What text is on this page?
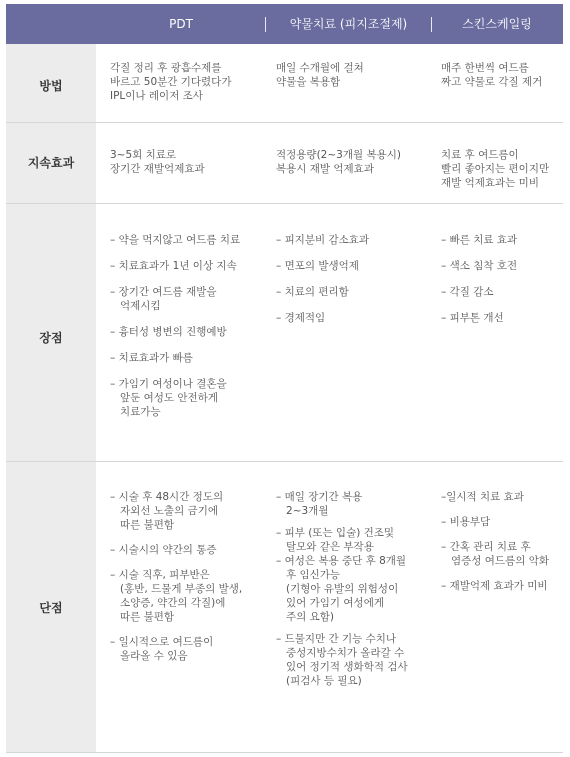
PDT	약물치료 (피지조절제)	스킨스케일링
방법
각질 정리 후 광흡수제를
바르고 50분간 기다렸다가
IPL이나 레이저 조사
매일 수개월에 걸쳐
약물을 복용함
매주 한번씩 여드름
짜고 약물로 각질 제거
지속효과
3~5회 치료로
장기간 재발억제효과
적정용량(2~3개월 복용시)
복용시 재발 억제효과
치료 후 여드름이
빨리 좋아지는 편이지만
재발 억제효과는 미비
장점
– 약을 먹지않고 여드름 치료
– 치료효과가 1년 이상 지속
– 장기간 여드름 재발을
억제시킴
– 흉터성 병변의 진행예방
– 치료효과가 빠름
– 가임기 여성이나 결혼을
앞둔 여성도 안전하게
치료가능
– 피지분비 감소효과
– 면포의 발생억제
– 치료의 편리함
– 경제적임
– 빠른 치료 효과
– 색소 침착 호전
– 각질 감소
– 피부톤 개선
단점
– 시술 후 48시간 정도의
자외선 노출의 금기에
따른 불편함
– 시술시의 약간의 통증
– 시술 직후, 피부반은
(홍반, 드물게 부종의 발생,
소양증, 약간의 각질)에
따른 불편함
– 일시적으로 여드름이
올라올 수 있음
– 매일 장기간 복용
2~3개월
– 피부 (또는 입술) 건조및
탈모와 같은 부작용
– 여성은 복용 중단 후 8개월
후 임신가능
(기형아 유발의 위험성이
있어 가임기 여성에게
주의 요함)
– 드물지만 간 기능 수치나
중성지방수치가 올라갈 수
있어 정기적 생화학적 검사
(피검사 등 필요)
–일시적 치료 효과
– 비용부담
– 간혹 관리 치료 후
염증성 여드름의 악화
– 재발억제 효과가 미비
